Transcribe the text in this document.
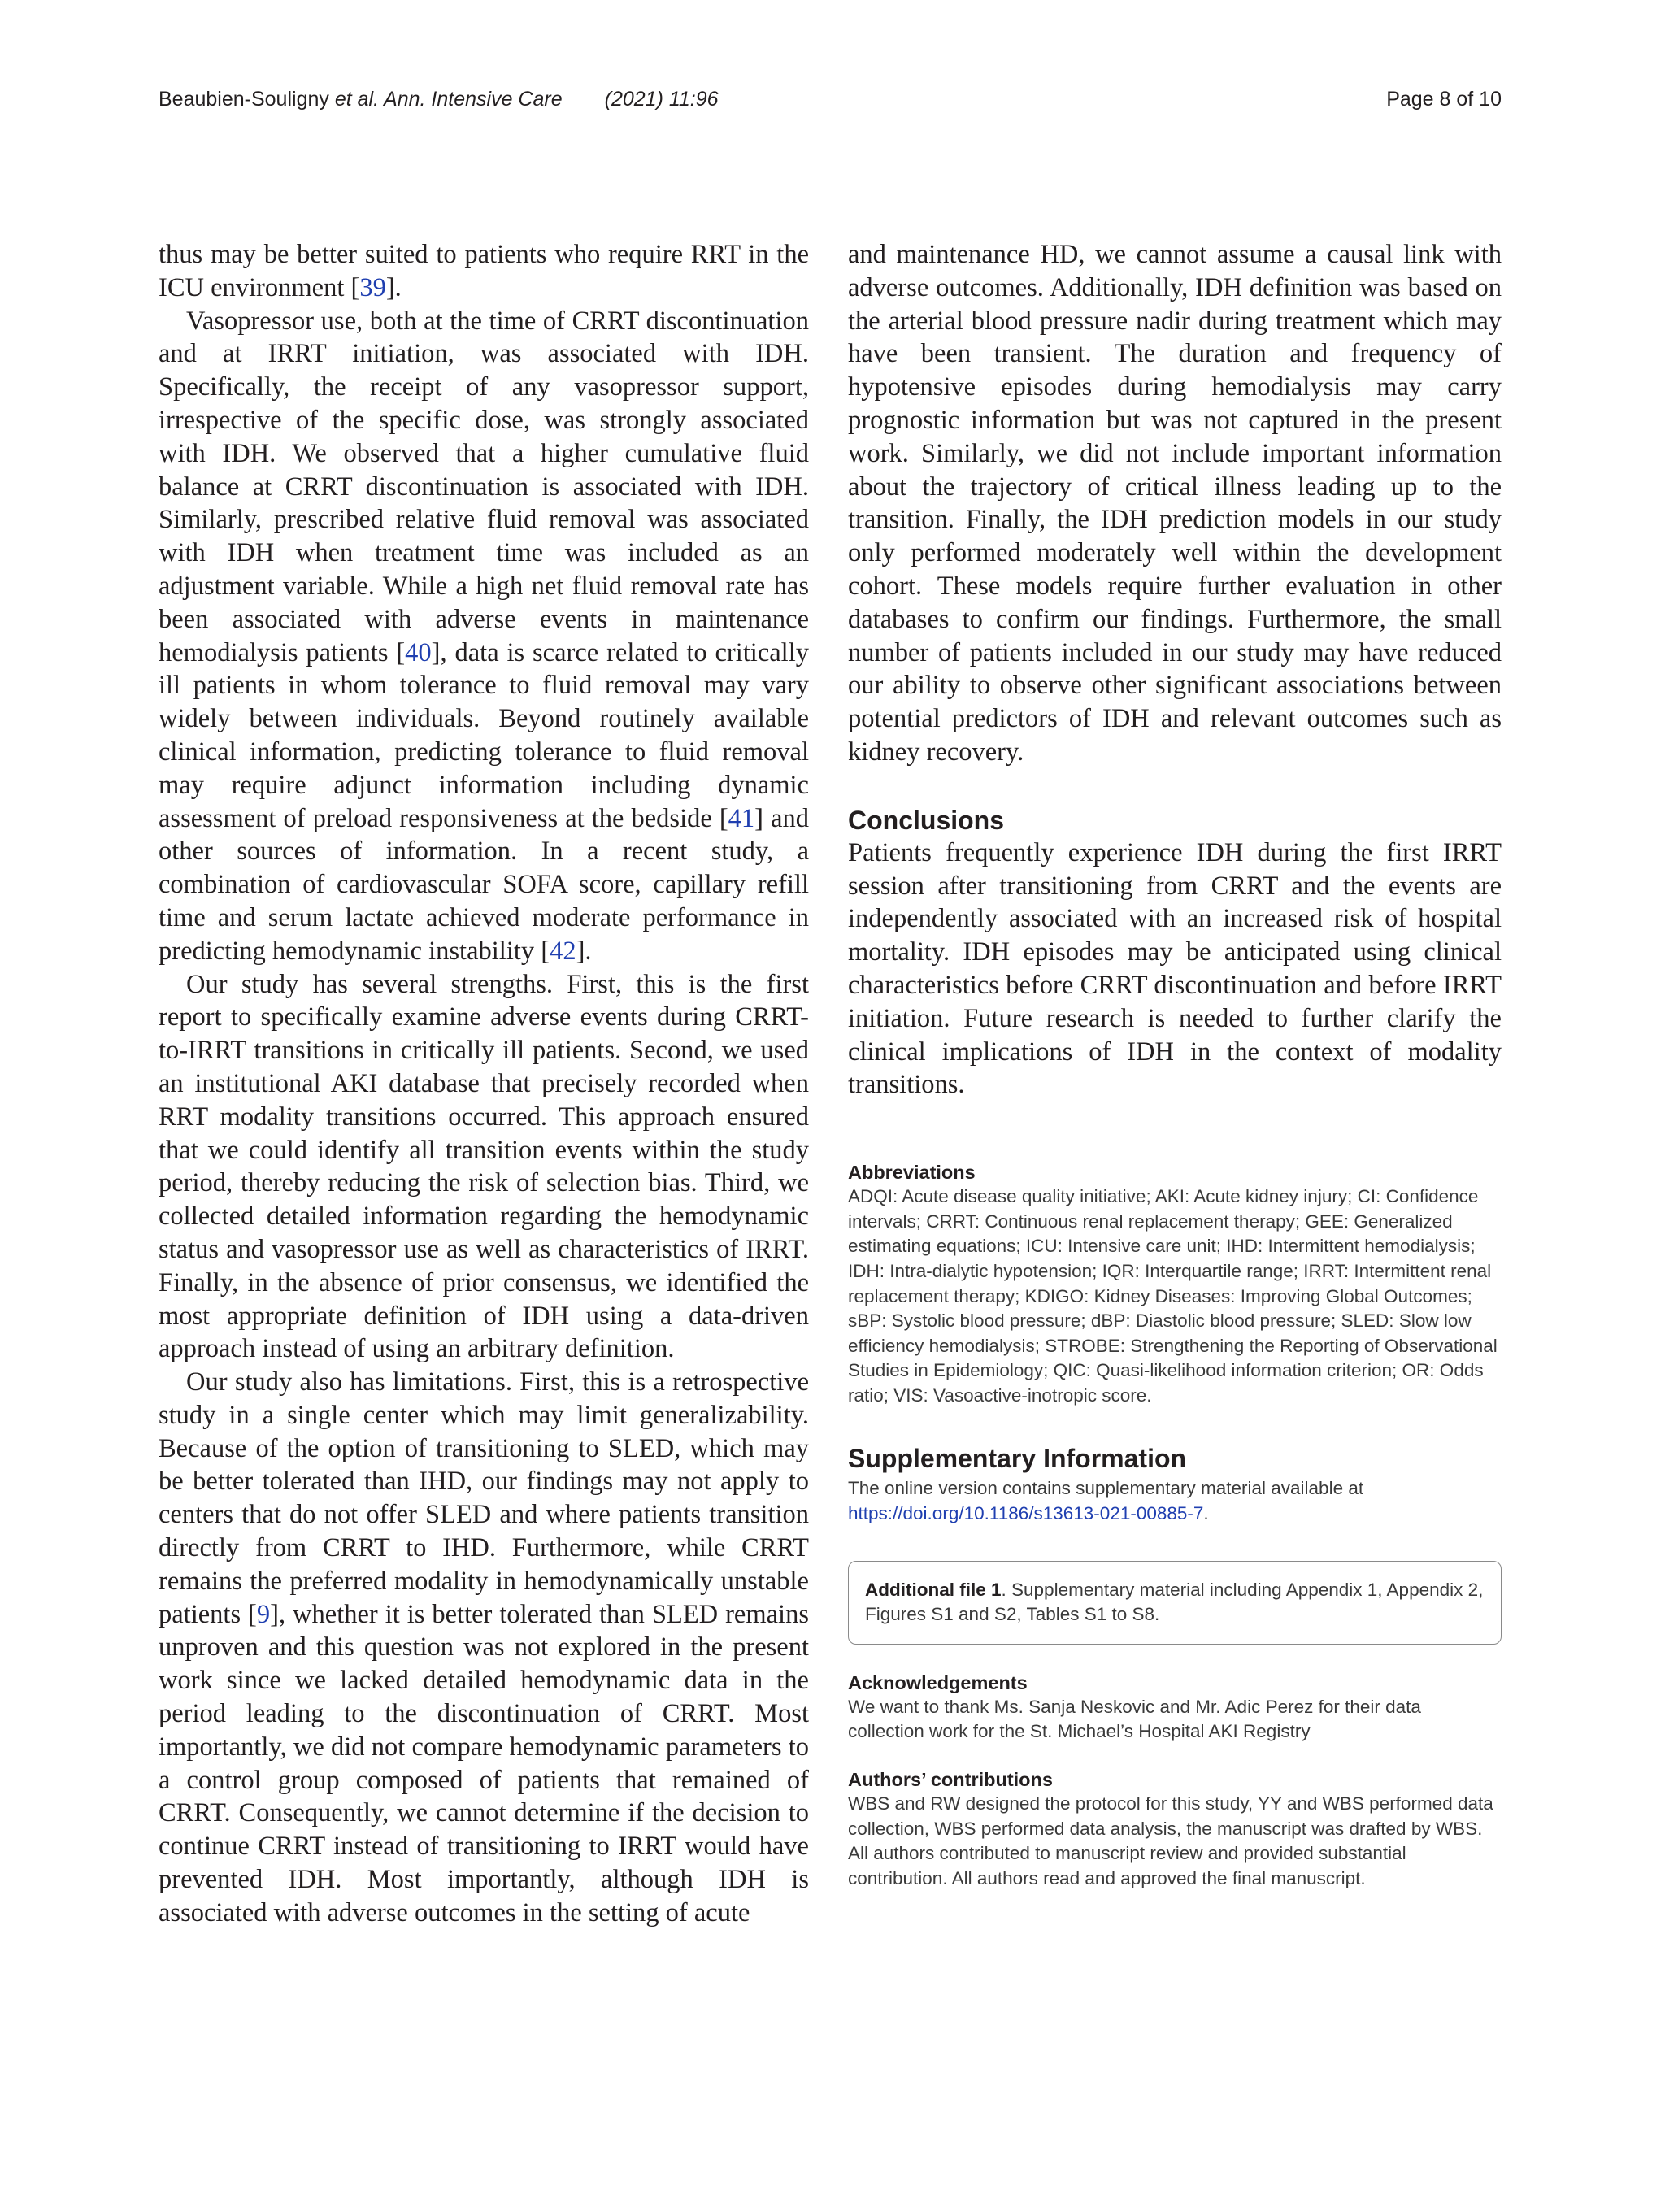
Beaubien-Souligny et al. Ann. Intensive Care (2021) 11:96	Page 8 of 10

thus may be better suited to patients who require RRT in the ICU environment [39].

Vasopressor use, both at the time of CRRT discontinuation and at IRRT initiation, was associated with IDH. Specifically, the receipt of any vasopressor support, irrespective of the specific dose, was strongly associated with IDH. We observed that a higher cumulative fluid balance at CRRT discontinuation is associated with IDH. Similarly, prescribed relative fluid removal was associated with IDH when treatment time was included as an adjustment variable. While a high net fluid removal rate has been associated with adverse events in maintenance hemodialysis patients [40], data is scarce related to critically ill patients in whom tolerance to fluid removal may vary widely between individuals. Beyond routinely available clinical information, predicting tolerance to fluid removal may require adjunct information including dynamic assessment of preload responsiveness at the bedside [41] and other sources of information. In a recent study, a combination of cardiovascular SOFA score, capillary refill time and serum lactate achieved moderate performance in predicting hemodynamic instability [42].

Our study has several strengths. First, this is the first report to specifically examine adverse events during CRRT-to-IRRT transitions in critically ill patients. Second, we used an institutional AKI database that precisely recorded when RRT modality transitions occurred. This approach ensured that we could identify all transition events within the study period, thereby reducing the risk of selection bias. Third, we collected detailed information regarding the hemodynamic status and vasopressor use as well as characteristics of IRRT. Finally, in the absence of prior consensus, we identified the most appropriate definition of IDH using a data-driven approach instead of using an arbitrary definition.

Our study also has limitations. First, this is a retrospective study in a single center which may limit generalizability. Because of the option of transitioning to SLED, which may be better tolerated than IHD, our findings may not apply to centers that do not offer SLED and where patients transition directly from CRRT to IHD. Furthermore, while CRRT remains the preferred modality in hemodynamically unstable patients [9], whether it is better tolerated than SLED remains unproven and this question was not explored in the present work since we lacked detailed hemodynamic data in the period leading to the discontinuation of CRRT. Most importantly, we did not compare hemodynamic parameters to a control group composed of patients that remained of CRRT. Consequently, we cannot determine if the decision to continue CRRT instead of transitioning to IRRT would have prevented IDH. Most importantly, although IDH is associated with adverse outcomes in the setting of acute

and maintenance HD, we cannot assume a causal link with adverse outcomes. Additionally, IDH definition was based on the arterial blood pressure nadir during treatment which may have been transient. The duration and frequency of hypotensive episodes during hemodialysis may carry prognostic information but was not captured in the present work. Similarly, we did not include important information about the trajectory of critical illness leading up to the transition. Finally, the IDH prediction models in our study only performed moderately well within the development cohort. These models require further evaluation in other databases to confirm our findings. Furthermore, the small number of patients included in our study may have reduced our ability to observe other significant associations between potential predictors of IDH and relevant outcomes such as kidney recovery.

Conclusions

Patients frequently experience IDH during the first IRRT session after transitioning from CRRT and the events are independently associated with an increased risk of hospital mortality. IDH episodes may be anticipated using clinical characteristics before CRRT discontinuation and before IRRT initiation. Future research is needed to further clarify the clinical implications of IDH in the context of modality transitions.

Abbreviations

ADQI: Acute disease quality initiative; AKI: Acute kidney injury; CI: Confidence intervals; CRRT: Continuous renal replacement therapy; GEE: Generalized estimating equations; ICU: Intensive care unit; IHD: Intermittent hemodialysis; IDH: Intra-dialytic hypotension; IQR: Interquartile range; IRRT: Intermittent renal replacement therapy; KDIGO: Kidney Diseases: Improving Global Outcomes; sBP: Systolic blood pressure; dBP: Diastolic blood pressure; SLED: Slow low efficiency hemodialysis; STROBE: Strengthening the Reporting of Observational Studies in Epidemiology; QIC: Quasi-likelihood information criterion; OR: Odds ratio; VIS: Vasoactive-inotropic score.

Supplementary Information

The online version contains supplementary material available at https://doi.org/10.1186/s13613-021-00885-7.

Additional file 1. Supplementary material including Appendix 1, Appendix 2, Figures S1 and S2, Tables S1 to S8.

Acknowledgements

We want to thank Ms. Sanja Neskovic and Mr. Adic Perez for their data collection work for the St. Michael’s Hospital AKI Registry

Authors’ contributions

WBS and RW designed the protocol for this study, YY and WBS performed data collection, WBS performed data analysis, the manuscript was drafted by WBS. All authors contributed to manuscript review and provided substantial contribution. All authors read and approved the final manuscript.
